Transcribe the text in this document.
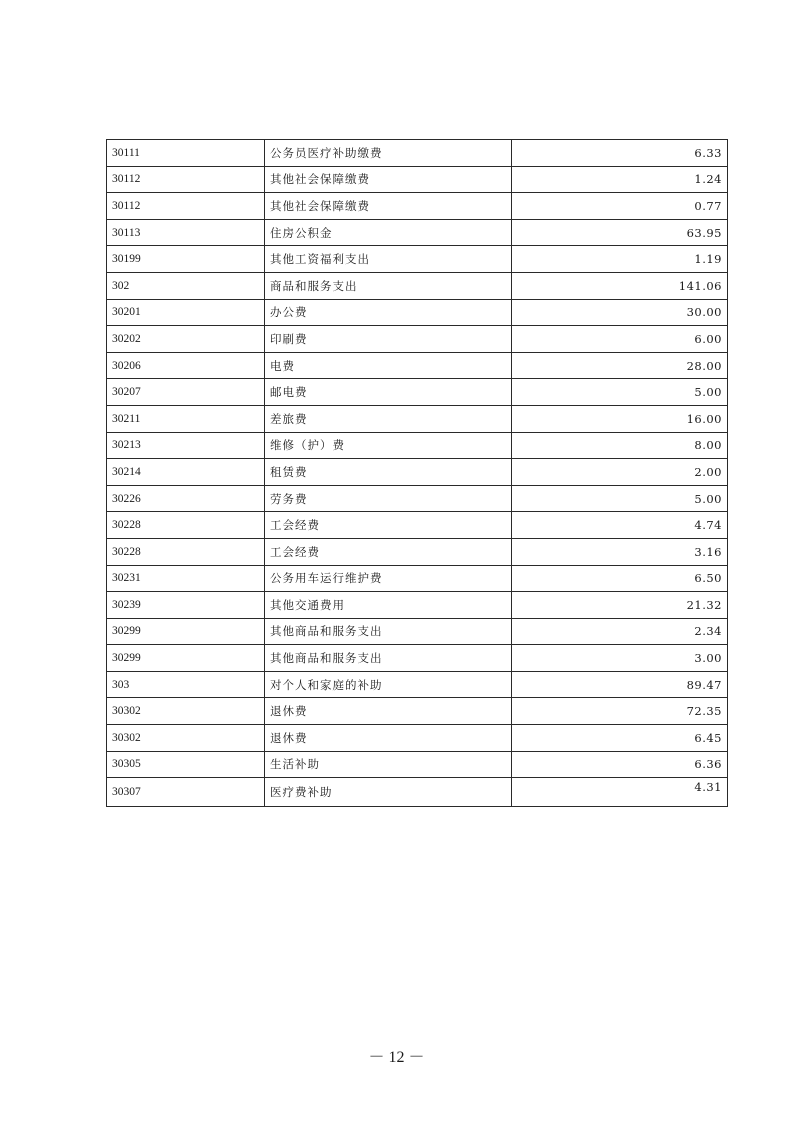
30111	公务员医疗补助缴费	6.33
30112	其他社会保障缴费	1.24
30112	其他社会保障缴费	0.77
30113	住房公积金	63.95
30199	其他工资福利支出	1.19
302	商品和服务支出	141.06
30201	办公费	30.00
30202	印刷费	6.00
30206	电费	28.00
30207	邮电费	5.00
30211	差旅费	16.00
30213	维修（护）费	8.00
30214	租赁费	2.00
30226	劳务费	5.00
30228	工会经费	4.74
30228	工会经费	3.16
30231	公务用车运行维护费	6.50
30239	其他交通费用	21.32
30299	其他商品和服务支出	2.34
30299	其他商品和服务支出	3.00
303	对个人和家庭的补助	89.47
30302	退休费	72.35
30302	退休费	6.45
30305	生活补助	6.36
30307	医疗费补助	4.31
－ 12 －
